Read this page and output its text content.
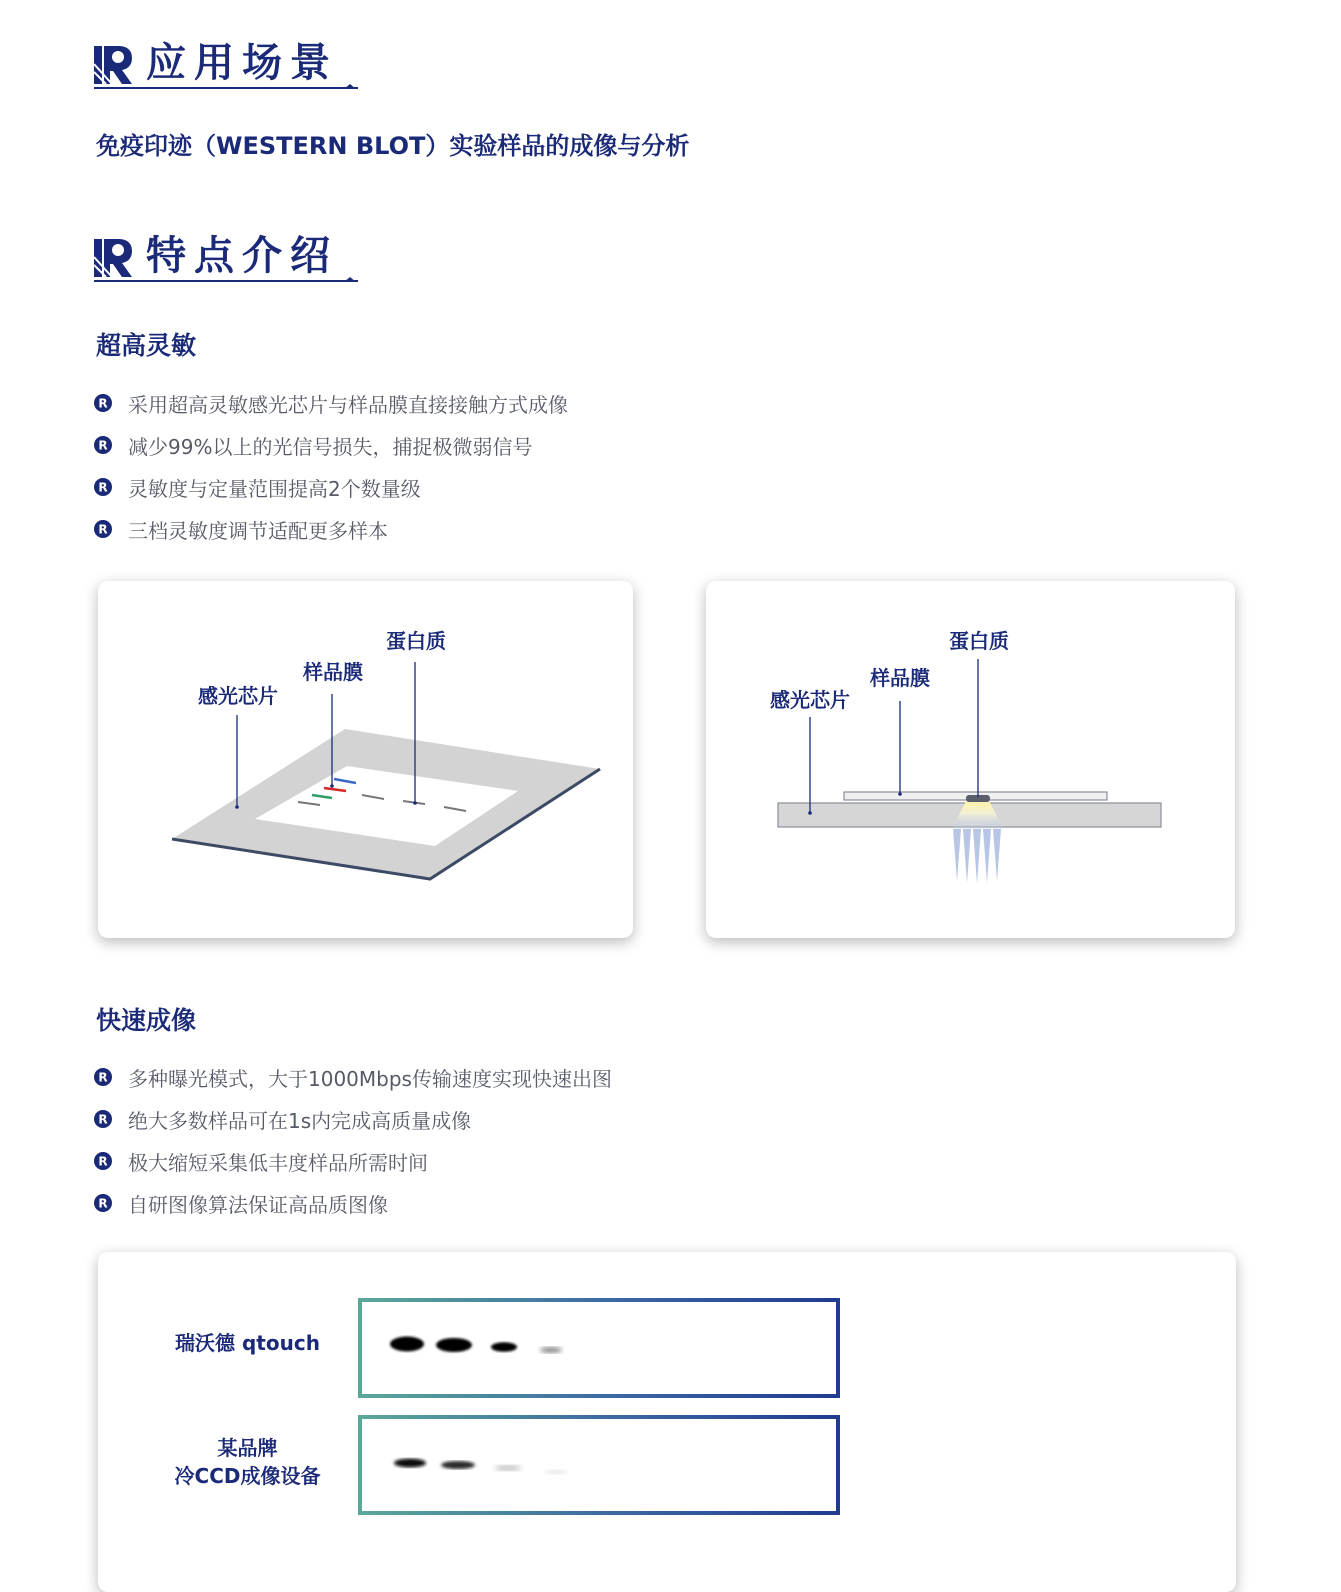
应用场景
免疫印迹（WESTERN BLOT）实验样品的成像与分析
特点介绍
超高灵敏
R 采用超高灵敏感光芯片与样品膜直接接触方式成像
R 减少99%以上的光信号损失，捕捉极微弱信号
R 灵敏度与定量范围提高2个数量级
R 三档灵敏度调节适配更多样本
蛋白质
样品膜
感光芯片
蛋白质
样品膜
感光芯片
快速成像
R 多种曝光模式，大于1000Mbps传输速度实现快速出图
R 绝大多数样品可在1s内完成高质量成像
R 极大缩短采集低丰度样品所需时间
R 自研图像算法保证高品质图像
瑞沃德 qtouch
某品牌
冷CCD成像设备
